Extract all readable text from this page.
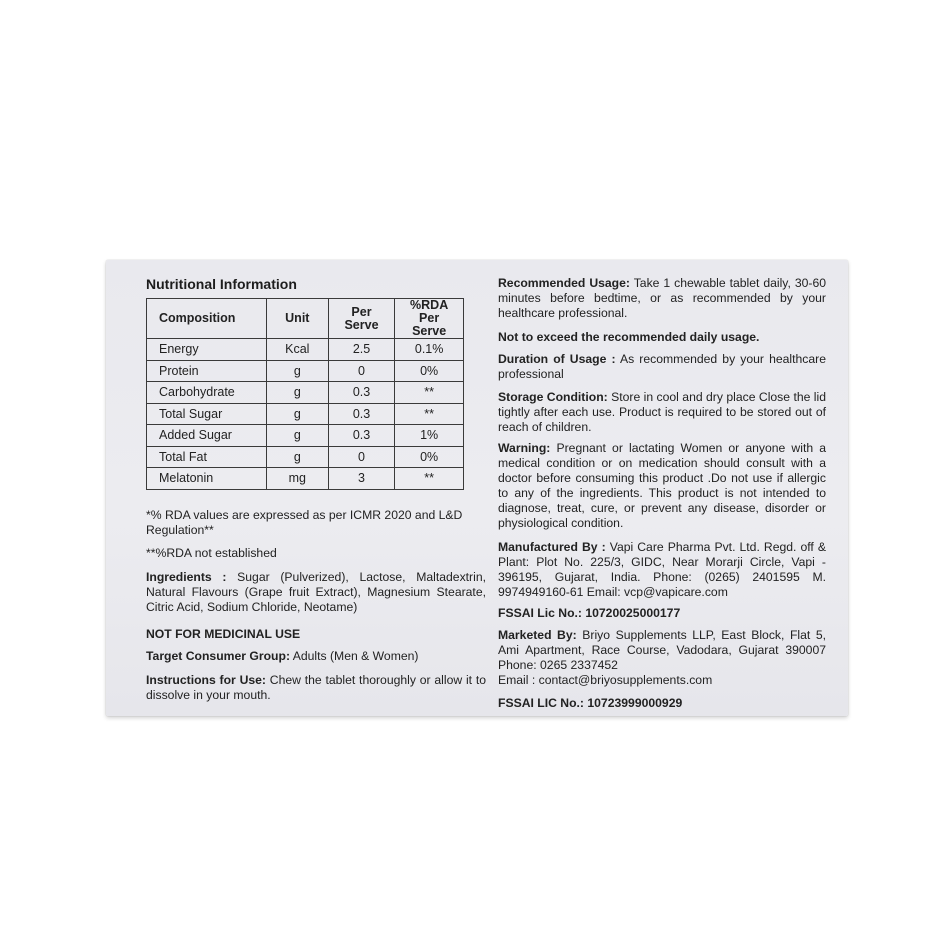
Nutritional Information
Composition	Unit	Per Serve	%RDA Per Serve
Energy	Kcal	2.5	0.1%
Protein	g	0	0%
Carbohydrate	g	0.3	**
Total Sugar	g	0.3	**
Added Sugar	g	0.3	1%
Total Fat	g	0	0%
Melatonin	mg	3	**

*% RDA values are expressed as per ICMR 2020 and L&D Regulation**

**%RDA not established

Ingredients : Sugar (Pulverized), Lactose, Maltadextrin, Natural Flavours (Grape fruit Extract), Magnesium Stearate, Citric Acid, Sodium Chloride, Neotame)

NOT FOR MEDICINAL USE

Target Consumer Group: Adults (Men & Women)

Instructions for Use: Chew the tablet thoroughly or allow it to dissolve in your mouth.

Recommended Usage: Take 1 chewable tablet daily, 30-60 minutes before bedtime, or as recommended by your healthcare professional.

Not to exceed the recommended daily usage.

Duration of Usage : As recommended by your healthcare professional

Storage Condition: Store in cool and dry place Close the lid tightly after each use. Product is required to be stored out of reach of children.

Warning: Pregnant or lactating Women or anyone with a medical condition or on medication should consult with a doctor before consuming this product .Do not use if allergic to any of the ingredients. This product is not intended to diagnose, treat, cure, or prevent any disease, disorder or physiological condition.

Manufactured By : Vapi Care Pharma Pvt. Ltd. Regd. off & Plant: Plot No. 225/3, GIDC, Near Morarji Circle, Vapi - 396195, Gujarat, India. Phone: (0265) 2401595 M. 9974949160-61 Email: vcp@vapicare.com

FSSAI Lic No.: 10720025000177

Marketed By: Briyo Supplements LLP, East Block, Flat 5, Ami Apartment, Race Course, Vadodara, Gujarat 390007 Phone: 0265 2337452

Email : contact@briyosupplements.com

FSSAI LIC No.: 10723999000929
